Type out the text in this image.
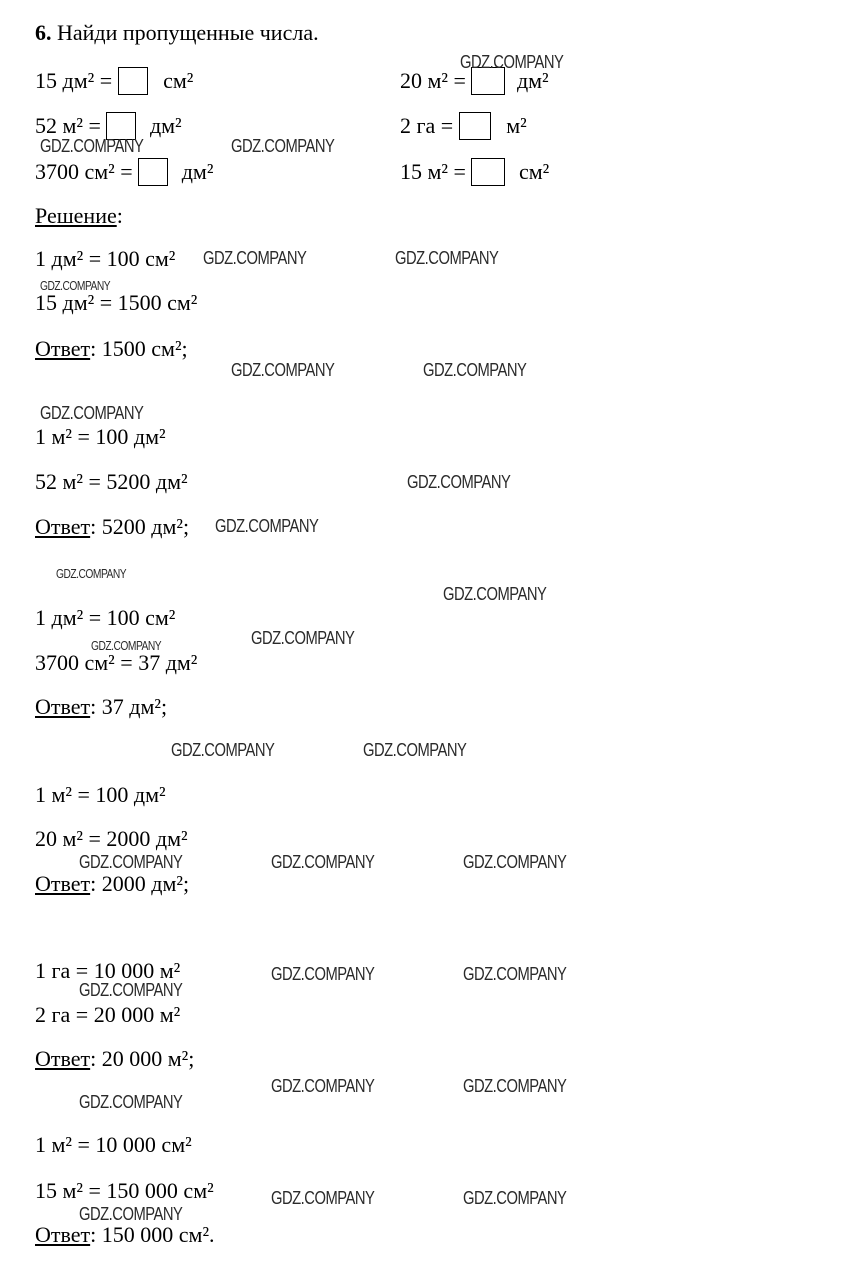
6. Найди пропущенные числа.
15 дм² = см²	20 м² = дм²
52 м² = дм²	2 га = м²
3700 см² = дм²	15 м² = см²
Решение:
1 дм² = 100 см²
15 дм² = 1500 см²
Ответ: 1500 см²;
1 м² = 100 дм²
52 м² = 5200 дм²
Ответ: 5200 дм²;
1 дм² = 100 см²
3700 см² = 37 дм²
Ответ: 37 дм²;
1 м² = 100 дм²
20 м² = 2000 дм²
Ответ: 2000 дм²;
1 га = 10 000 м²
2 га = 20 000 м²
Ответ: 20 000 м²;
1 м² = 10 000 см²
15 м² = 150 000 см²
Ответ: 150 000 см².
GDZ.COMPANY
GDZ.COMPANY	GDZ.COMPANY
GDZ.COMPANY	GDZ.COMPANY
GDZ.COMPANY
GDZ.COMPANY	GDZ.COMPANY
GDZ.COMPANY
GDZ.COMPANY
GDZ.COMPANY
GDZ.COMPANY
GDZ.COMPANY
GDZ.COMPANY
GDZ.COMPANY
GDZ.COMPANY	GDZ.COMPANY
GDZ.COMPANY	GDZ.COMPANY	GDZ.COMPANY
GDZ.COMPANY	GDZ.COMPANY
GDZ.COMPANY
GDZ.COMPANY	GDZ.COMPANY
GDZ.COMPANY
GDZ.COMPANY	GDZ.COMPANY
GDZ.COMPANY
